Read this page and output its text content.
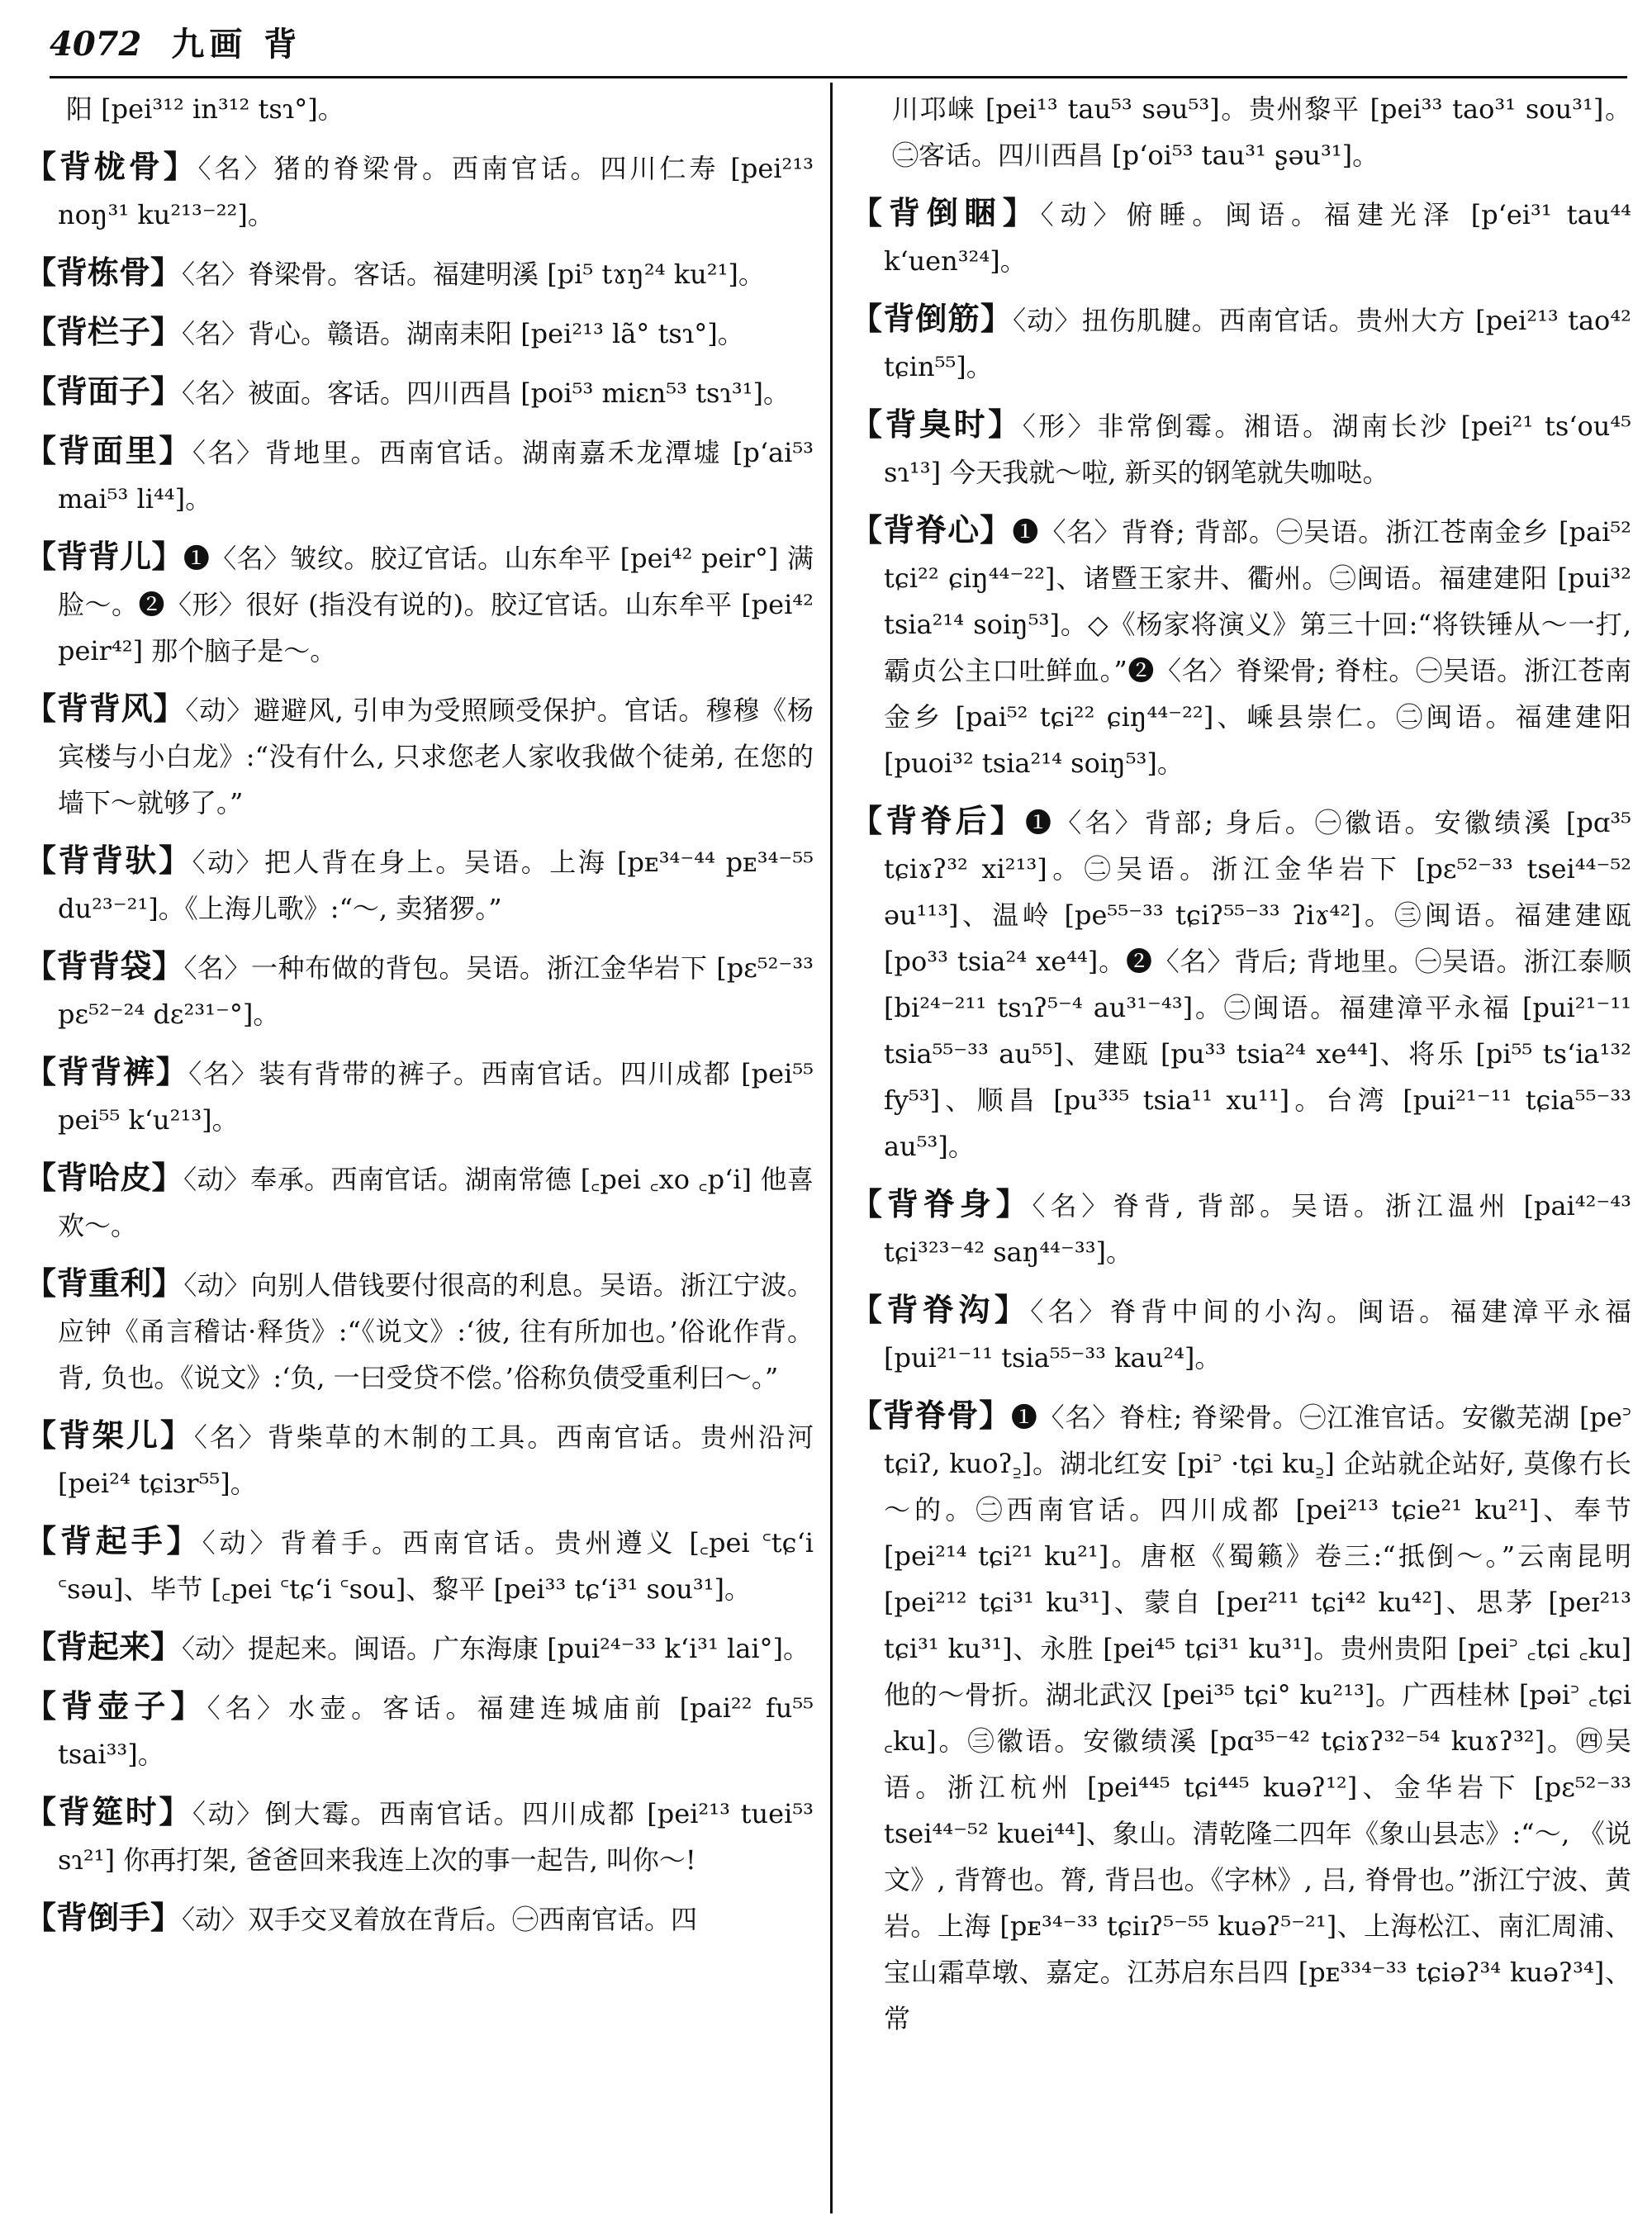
4072 九画 背
阳 [pei³¹² in³¹² tsɿ°]。
【背栊骨】〈名〉猪的脊梁骨。西南官话。四川仁寿 [pei²¹³ noŋ³¹ ku²¹³⁻²²]。
【背栋骨】〈名〉脊梁骨。客话。福建明溪 [pi⁵ tɤŋ²⁴ ku²¹]。
【背栏子】〈名〉背心。赣语。湖南耒阳 [pei²¹³ lã° tsɿ°]。
【背面子】〈名〉被面。客话。四川西昌 [poi⁵³ miɛn⁵³ tsɿ³¹]。
【背面里】〈名〉背地里。西南官话。湖南嘉禾龙潭墟 [p‘ai⁵³ mai⁵³ li⁴⁴]。
【背背儿】❶〈名〉皱纹。胶辽官话。山东牟平 [pei⁴² peir°] 满脸～。❷〈形〉很好 (指没有说的)。胶辽官话。山东牟平 [pei⁴² peir⁴²] 那个脑子是～。
【背背风】〈动〉避避风, 引申为受照顾受保护。官话。穆穆《杨宾楼与小白龙》:“没有什么, 只求您老人家收我做个徒弟, 在您的墙下～就够了。”
【背背驮】〈动〉把人背在身上。吴语。上海 [pᴇ³⁴⁻⁴⁴ pᴇ³⁴⁻⁵⁵ du²³⁻²¹]。《上海儿歌》:“～, 卖猪猡。”
【背背袋】〈名〉一种布做的背包。吴语。浙江金华岩下 [pɛ⁵²⁻³³ pɛ⁵²⁻²⁴ dɛ²³¹⁻°]。
【背背裤】〈名〉装有背带的裤子。西南官话。四川成都 [pei⁵⁵ pei⁵⁵ k‘u²¹³]。
【背哈皮】〈动〉奉承。西南官话。湖南常德 [꜀pei ꜀xo ꜀p‘i] 他喜欢～。
【背重利】〈动〉向别人借钱要付很高的利息。吴语。浙江宁波。应钟《甬言稽诂·释货》:“《说文》:‘彼, 往有所加也。’俗讹作背。背, 负也。《说文》:‘负, 一曰受贷不偿。’俗称负债受重利曰～。”
【背架儿】〈名〉背柴草的木制的工具。西南官话。贵州沿河 [pei²⁴ tɕiɜr⁵⁵]。
【背起手】〈动〉背着手。西南官话。贵州遵义 [꜀pei ꜂tɕ‘i ꜂səu]、毕节 [꜀pei ꜂tɕ‘i ꜂sou]、黎平 [pei³³ tɕ‘i³¹ sou³¹]。
【背起来】〈动〉提起来。闽语。广东海康 [pui²⁴⁻³³ k‘i³¹ lai°]。
【背壶子】〈名〉水壶。客话。福建连城庙前 [pai²² fu⁵⁵ tsai³³]。
【背筵时】〈动〉倒大霉。西南官话。四川成都 [pei²¹³ tuei⁵³ sɿ²¹] 你再打架, 爸爸回来我连上次的事一起告, 叫你～!
【背倒手】〈动〉双手交叉着放在背后。㊀西南官话。四
川邛崃 [pei¹³ tau⁵³ səu⁵³]。贵州黎平 [pei³³ tao³¹ sou³¹]。㊁客话。四川西昌 [p‘oi⁵³ tau³¹ ʂəu³¹]。
【背倒睏】〈动〉俯睡。闽语。福建光泽 [p‘ei³¹ tau⁴⁴ k‘uen³²⁴]。
【背倒筋】〈动〉扭伤肌腱。西南官话。贵州大方 [pei²¹³ tao⁴² tɕin⁵⁵]。
【背臭时】〈形〉非常倒霉。湘语。湖南长沙 [pei²¹ ts‘ou⁴⁵ sɿ¹³] 今天我就～啦, 新买的钢笔就失咖哒。
【背脊心】❶〈名〉背脊; 背部。㊀吴语。浙江苍南金乡 [pai⁵² tɕi²² ɕiŋ⁴⁴⁻²²]、诸暨王家井、衢州。㊁闽语。福建建阳 [pui³² tsia²¹⁴ soiŋ⁵³]。◇《杨家将演义》第三十回:“将铁锤从～一打, 霸贞公主口吐鲜血。”❷〈名〉脊梁骨; 脊柱。㊀吴语。浙江苍南金乡 [pai⁵² tɕi²² ɕiŋ⁴⁴⁻²²]、嵊县崇仁。㊁闽语。福建建阳 [puoi³² tsia²¹⁴ soiŋ⁵³]。
【背脊后】❶〈名〉背部; 身后。㊀徽语。安徽绩溪 [pɑ³⁵ tɕiɤʔ³² xi²¹³]。㊁吴语。浙江金华岩下 [pɛ⁵²⁻³³ tsei⁴⁴⁻⁵² əu¹¹³]、温岭 [pe⁵⁵⁻³³ tɕiʔ⁵⁵⁻³³ ʔiɤ⁴²]。㊂闽语。福建建瓯 [po³³ tsia²⁴ xe⁴⁴]。❷〈名〉背后; 背地里。㊀吴语。浙江泰顺 [bi²⁴⁻²¹¹ tsɿʔ⁵⁻⁴ au³¹⁻⁴³]。㊁闽语。福建漳平永福 [pui²¹⁻¹¹ tsia⁵⁵⁻³³ au⁵⁵]、建瓯 [pu³³ tsia²⁴ xe⁴⁴]、将乐 [pi⁵⁵ ts‘ia¹³² fy⁵³]、顺昌 [pu³³⁵ tsia¹¹ xu¹¹]。台湾 [pui²¹⁻¹¹ tɕia⁵⁵⁻³³ au⁵³]。
【背脊身】〈名〉脊背, 背部。吴语。浙江温州 [pai⁴²⁻⁴³ tɕi³²³⁻⁴² saŋ⁴⁴⁻³³]。
【背脊沟】〈名〉脊背中间的小沟。闽语。福建漳平永福 [pui²¹⁻¹¹ tsia⁵⁵⁻³³ kau²⁴]。
【背脊骨】❶〈名〉脊柱; 脊梁骨。㊀江淮官话。安徽芜湖 [pe꜄ tɕiʔ, kuoʔ꜇]。湖北红安 [pi꜄ ·tɕi ku꜇] 企站就企站好, 莫像冇长～的。㊁西南官话。四川成都 [pei²¹³ tɕie²¹ ku²¹]、奉节 [pei²¹⁴ tɕi²¹ ku²¹]。唐枢《蜀籁》卷三:“抵倒～。”云南昆明 [pei²¹² tɕi³¹ ku³¹]、蒙自 [peɪ²¹¹ tɕi⁴² ku⁴²]、思茅 [peɪ²¹³ tɕi³¹ ku³¹]、永胜 [pei⁴⁵ tɕi³¹ ku³¹]。贵州贵阳 [pei꜄ ꜀tɕi ꜀ku] 他的～骨折。湖北武汉 [pei³⁵ tɕi° ku²¹³]。广西桂林 [pəi꜄ ꜀tɕi ꜀ku]。㊂徽语。安徽绩溪 [pɑ³⁵⁻⁴² tɕiɤʔ³²⁻⁵⁴ kuɤʔ³²]。㊃吴语。浙江杭州 [pei⁴⁴⁵ tɕi⁴⁴⁵ kuəʔ¹²]、金华岩下 [pɛ⁵²⁻³³ tsei⁴⁴⁻⁵² kuei⁴⁴]、象山。清乾隆二四年《象山县志》:“～, 《说文》, 背膂也。膂, 背吕也。《字林》, 吕, 脊骨也。”浙江宁波、黄岩。上海 [pᴇ³⁴⁻³³ tɕiɪʔ⁵⁻⁵⁵ kuəʔ⁵⁻²¹]、上海松江、南汇周浦、宝山霜草墩、嘉定。江苏启东吕四 [pᴇ³³⁴⁻³³ tɕiəʔ³⁴ kuəʔ³⁴]、常
